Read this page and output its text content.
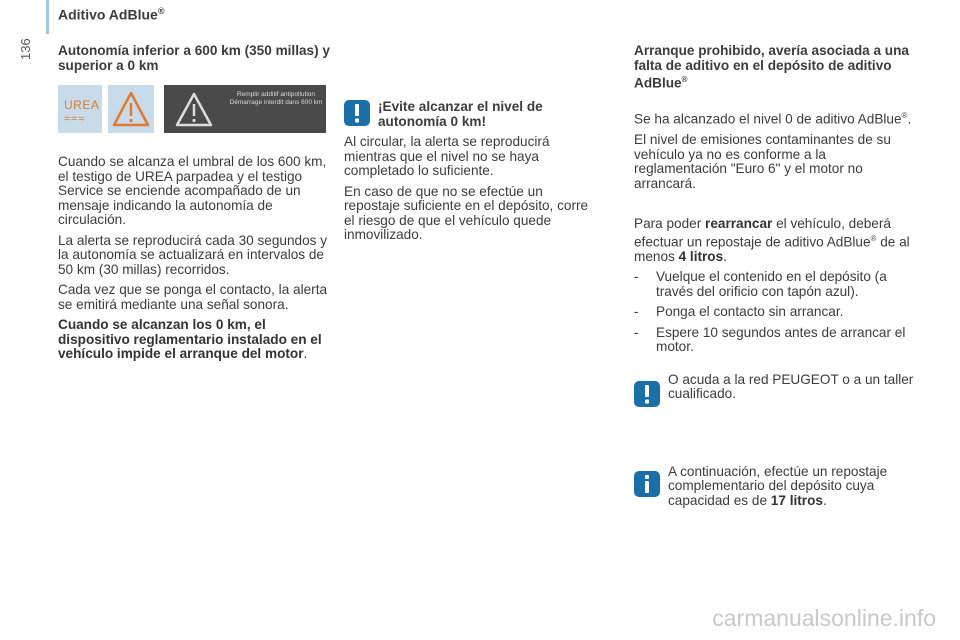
136
Aditivo AdBlue®

Autonomía inferior a 600 km (350 millas) y superior a 0 km

UREA
≈≈≈
Remplir additif antipollution Démarrage interdit dans 600 km

Cuando se alcanza el umbral de los 600 km, el testigo de UREA parpadea y el testigo Service se enciende acompañado de un mensaje indicando la autonomía de circulación.

La alerta se reproducirá cada 30 segundos y la autonomía se actualizará en intervalos de 50 km (30 millas) recorridos.

Cada vez que se ponga el contacto, la alerta se emitirá mediante una señal sonora.

Cuando se alcanzan los 0 km, el dispositivo reglamentario instalado en el vehículo impide el arranque del motor.

¡Evite alcanzar el nivel de autonomía 0 km!

Al circular, la alerta se reproducirá mientras que el nivel no se haya completado lo suficiente.

En caso de que no se efectúe un repostaje suficiente en el depósito, corre el riesgo de que el vehículo quede inmovilizado.

Arranque prohibido, avería asociada a una falta de aditivo en el depósito de aditivo AdBlue®

Se ha alcanzado el nivel 0 de aditivo AdBlue®.

El nivel de emisiones contaminantes de su vehículo ya no es conforme a la reglamentación "Euro 6" y el motor no arrancará.

Para poder rearrancar el vehículo, deberá efectuar un repostaje de aditivo AdBlue® de al menos 4 litros.

-	Vuelque el contenido en el depósito (a través del orificio con tapón azul).
-	Ponga el contacto sin arrancar.
-	Espere 10 segundos antes de arrancar el motor.

O acuda a la red PEUGEOT o a un taller cualificado.

A continuación, efectúe un repostaje complementario del depósito cuya capacidad es de 17 litros.

carmanualsonline.info
